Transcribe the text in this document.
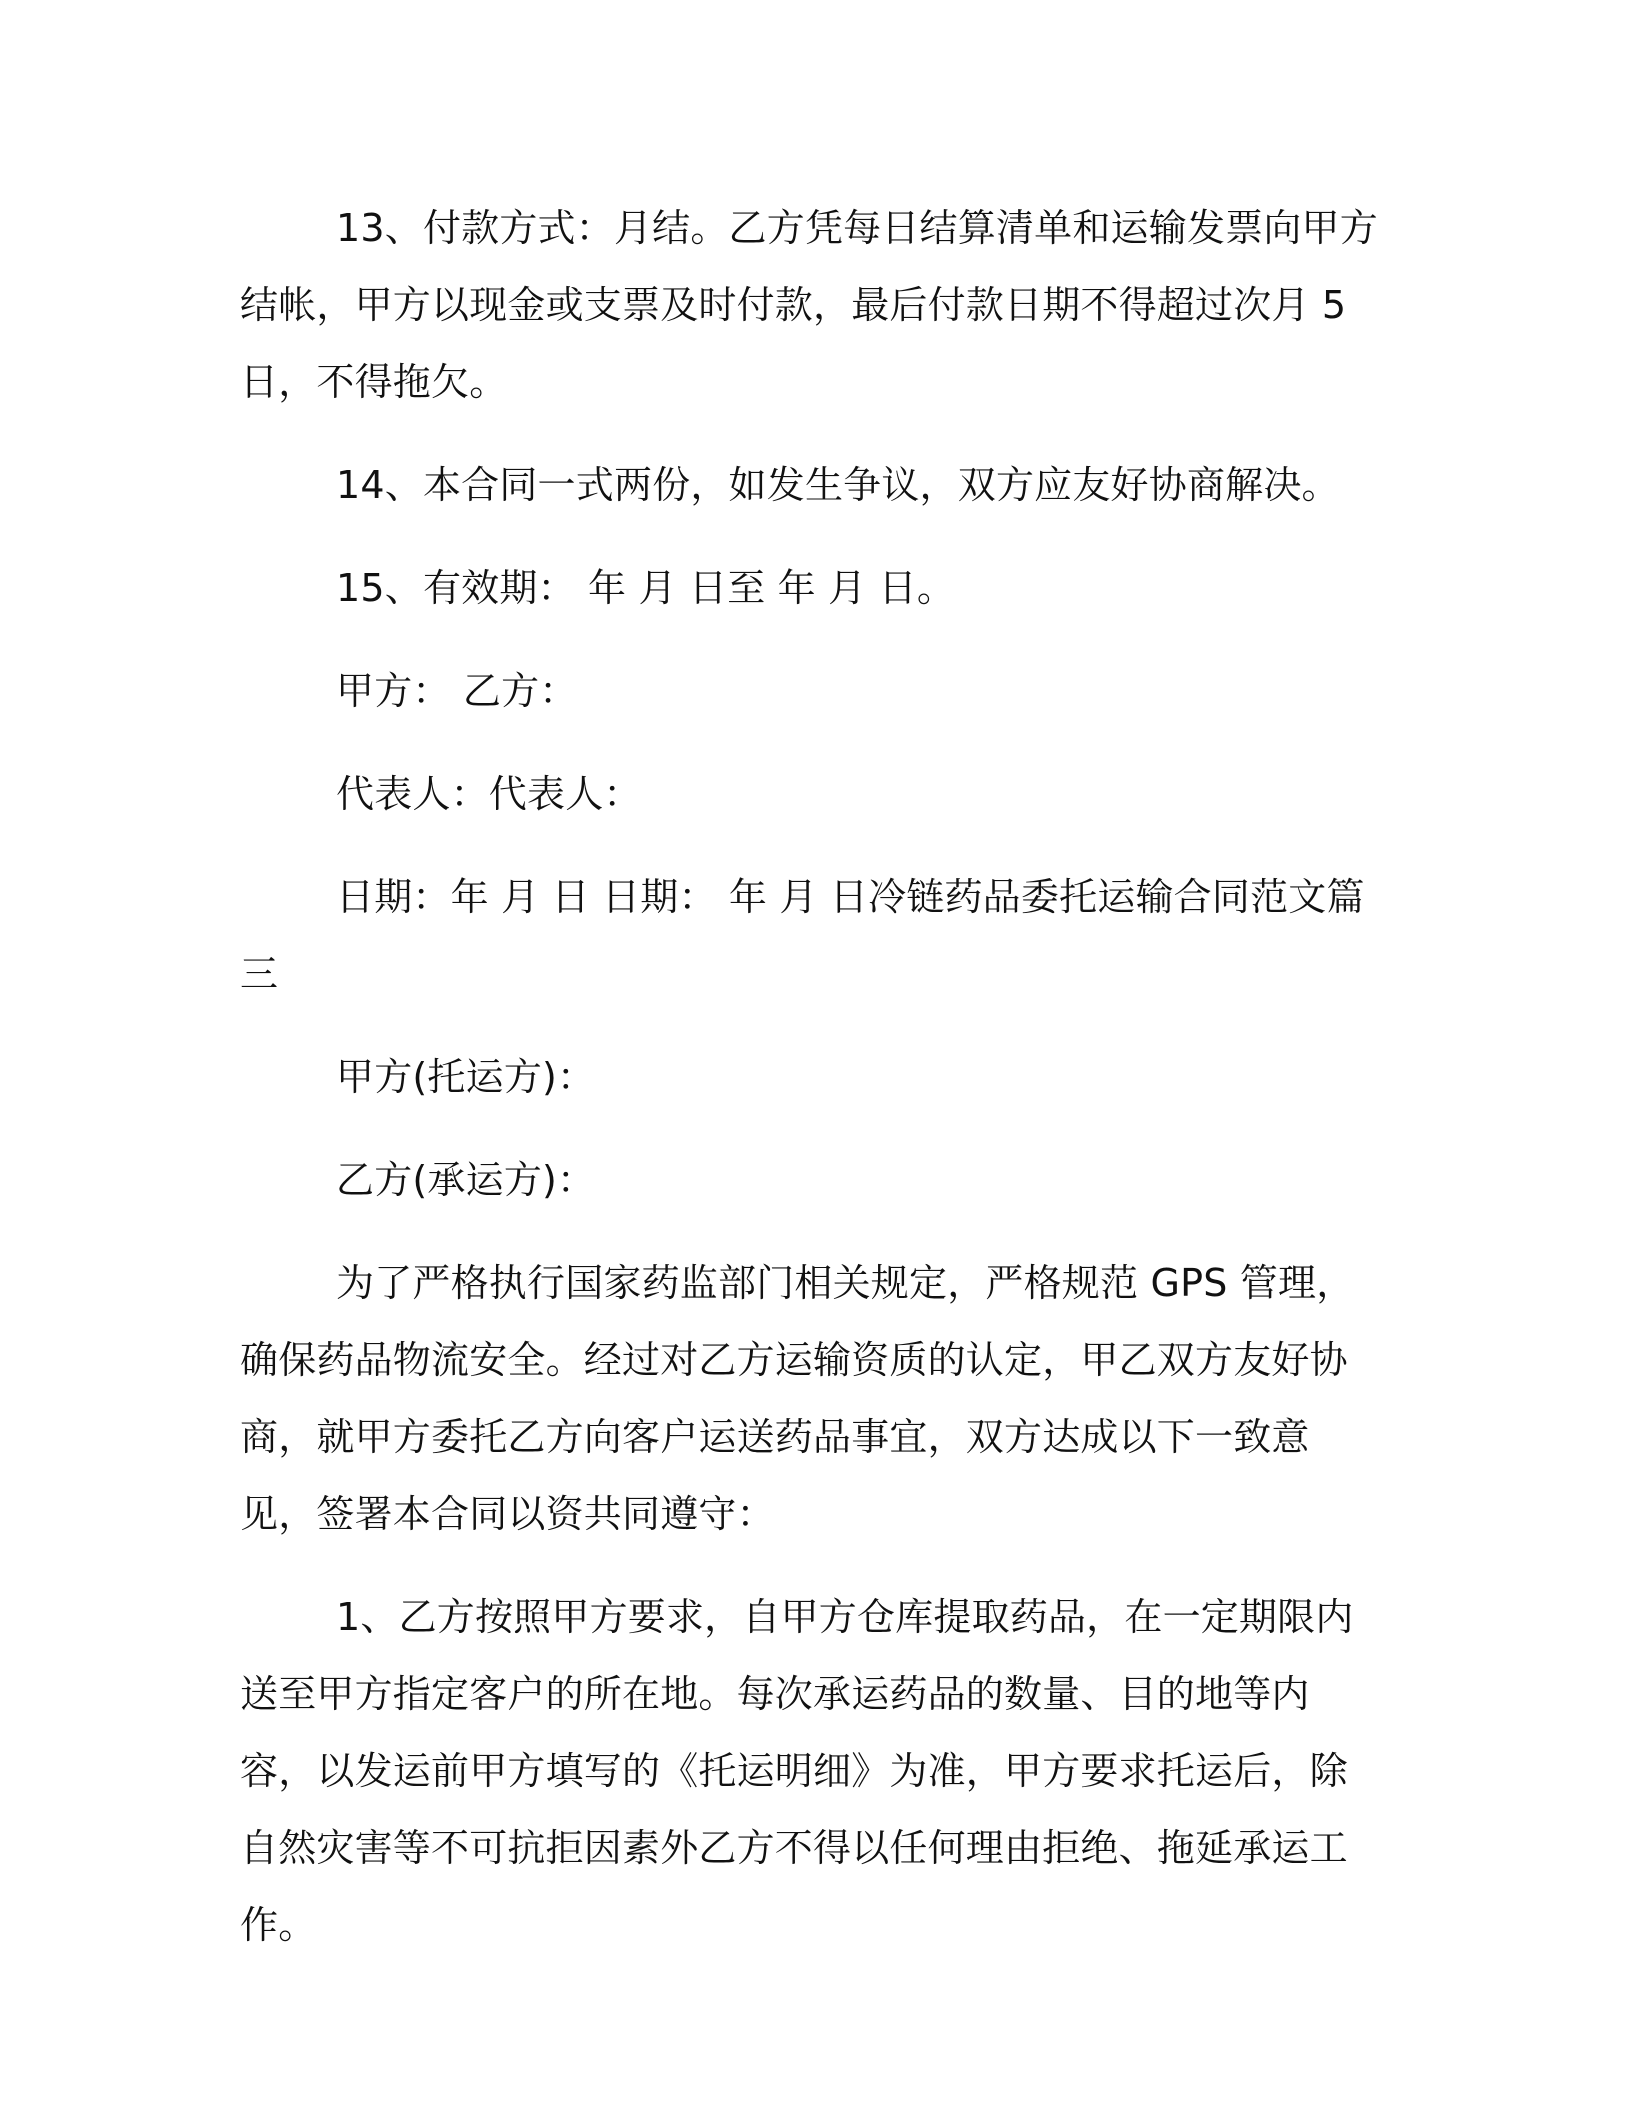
13、付款方式：月结。乙方凭每日结算清单和运输发票向甲方结帐，甲方以现金或支票及时付款，最后付款日期不得超过次月 5 日，不得拖欠。

14、本合同一式两份，如发生争议，双方应友好协商解决。

15、有效期： 年 月 日至 年 月 日。

甲方： 乙方：

代表人：代表人：

日期：年 月 日 日期： 年 月 日冷链药品委托运输合同范文篇三

甲方(托运方)：

乙方(承运方)：

为了严格执行国家药监部门相关规定，严格规范 GPS 管理，确保药品物流安全。经过对乙方运输资质的认定，甲乙双方友好协商，就甲方委托乙方向客户运送药品事宜，双方达成以下一致意见，签署本合同以资共同遵守：

1、乙方按照甲方要求，自甲方仓库提取药品，在一定期限内送至甲方指定客户的所在地。每次承运药品的数量、目的地等内容，以发运前甲方填写的《托运明细》为准，甲方要求托运后，除自然灾害等不可抗拒因素外乙方不得以任何理由拒绝、拖延承运工作。
